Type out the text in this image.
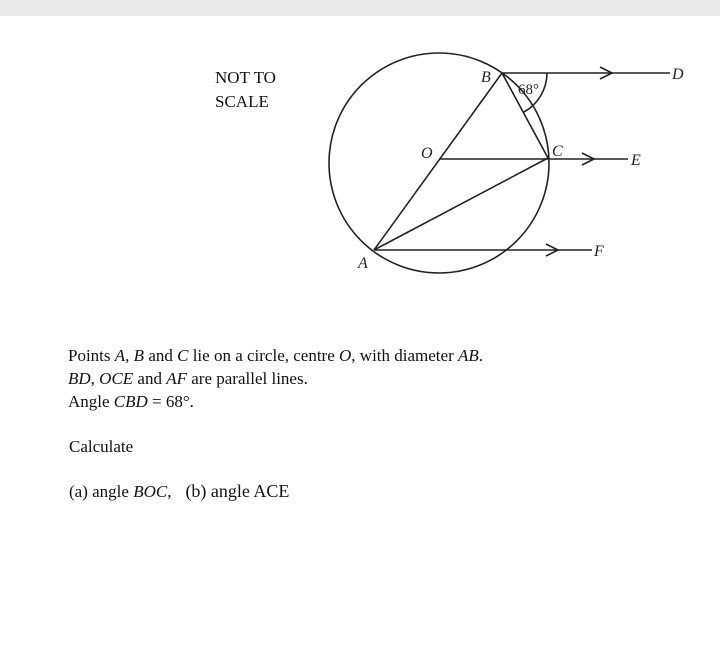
NOT TO
SCALE
B
O	C
A
D
E
F
68°
Points A, B and C lie on a circle, centre O, with diameter AB.
BD, OCE and AF are parallel lines.
Angle CBD = 68°.
Calculate
(a) angle BOC, (b) angle ACE
